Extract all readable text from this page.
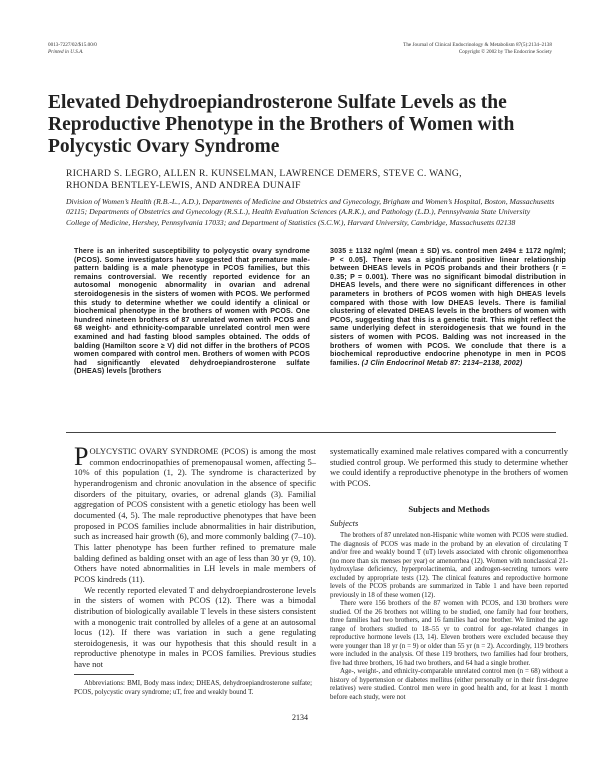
0013-7227/02/$15.00/0
Printed in U.S.A.
The Journal of Clinical Endocrinology & Metabolism 87(5):2134–2138
Copyright © 2002 by The Endocrine Society
Elevated Dehydroepiandrosterone Sulfate Levels as the Reproductive Phenotype in the Brothers of Women with Polycystic Ovary Syndrome
RICHARD S. LEGRO, ALLEN R. KUNSELMAN, LAWRENCE DEMERS, STEVE C. WANG,
RHONDA BENTLEY-LEWIS, AND ANDREA DUNAIF
Division of Women’s Health (R.B.-L., A.D.), Departments of Medicine and Obstetrics and Gynecology, Brigham and Women’s Hospital, Boston, Massachusetts 02115; Departments of Obstetrics and Gynecology (R.S.L.), Health Evaluation Sciences (A.R.K.), and Pathology (L.D.), Pennsylvania State University College of Medicine, Hershey, Pennsylvania 17033; and Department of Statistics (S.C.W.), Harvard University, Cambridge, Massachusetts 02138
There is an inherited susceptibility to polycystic ovary syndrome (PCOS). Some investigators have suggested that premature male-pattern balding is a male phenotype in PCOS families, but this remains controversial. We recently reported evidence for an autosomal monogenic abnormality in ovarian and adrenal steroidogenesis in the sisters of women with PCOS. We performed this study to determine whether we could identify a clinical or biochemical phenotype in the brothers of women with PCOS. One hundred nineteen brothers of 87 unrelated women with PCOS and 68 weight- and ethnicity-comparable unrelated control men were examined and had fasting blood samples obtained. The odds of balding (Hamilton score ≥ V) did not differ in the brothers of PCOS women compared with control men. Brothers of women with PCOS had significantly elevated dehydroepiandrosterone sulfate (DHEAS) levels [brothers
3035 ± 1132 ng/ml (mean ± SD) vs. control men 2494 ± 1172 ng/ml; P < 0.05]. There was a significant positive linear relationship between DHEAS levels in PCOS probands and their brothers (r = 0.35; P = 0.001). There was no significant bimodal distribution in DHEAS levels, and there were no significant differences in other parameters in brothers of PCOS women with high DHEAS levels compared with those with low DHEAS levels. There is familial clustering of elevated DHEAS levels in the brothers of women with PCOS, suggesting that this is a genetic trait. This might reflect the same underlying defect in steroidogenesis that we found in the sisters of women with PCOS. Balding was not increased in the brothers of women with PCOS. We conclude that there is a biochemical reproductive endocrine phenotype in men in PCOS families. (J Clin Endocrinol Metab 87: 2134–2138, 2002)

POLYCYSTIC OVARY SYNDROME (PCOS) is among the most common endocrinopathies of premenopausal women, affecting 5–10% of this population (1, 2). The syndrome is characterized by hyperandrogenism and chronic anovulation in the absence of specific disorders of the pituitary, ovaries, or adrenal glands (3). Familial aggregation of PCOS consistent with a genetic etiology has been well documented (4, 5). The male reproductive phenotypes that have been proposed in PCOS families include abnormalities in hair distribution, such as increased hair growth (6), and more commonly balding (7–10). This latter phenotype has been further refined to premature male balding defined as balding onset with an age of less than 30 yr (9, 10). Others have noted abnormalities in LH levels in male members of PCOS kindreds (11).

We recently reported elevated T and dehydroepiandrosterone levels in the sisters of women with PCOS (12). There was a bimodal distribution of biologically available T levels in these sisters consistent with a monogenic trait controlled by alleles of a gene at an autosomal locus (12). If there was variation in such a gene regulating steroidogenesis, it was our hypothesis that this should result in a reproductive phenotype in males in PCOS families. Previous studies have not

systematically examined male relatives compared with a concurrently studied control group. We performed this study to determine whether we could identify a reproductive phenotype in the brothers of women with PCOS.
Subjects and Methods
Subjects

The brothers of 87 unrelated non-Hispanic white women with PCOS were studied. The diagnosis of PCOS was made in the proband by an elevation of circulating T and/or free and weakly bound T (uT) levels associated with chronic oligomenorrhea (no more than six menses per year) or amenorrhea (12). Women with nonclassical 21-hydroxylase deficiency, hyperprolactinemia, and androgen-secreting tumors were excluded by appropriate tests (12). The clinical features and reproductive hormone levels of the PCOS probands are summarized in Table 1 and have been reported previously in 18 of these women (12).

There were 156 brothers of the 87 women with PCOS, and 130 brothers were studied. Of the 26 brothers not willing to be studied, one family had four brothers, three families had two brothers, and 16 families had one brother. We limited the age range of brothers studied to 18–55 yr to control for age-related changes in reproductive hormone levels (13, 14). Eleven brothers were excluded because they were younger than 18 yr (n = 9) or older than 55 yr (n = 2). Accordingly, 119 brothers were included in the analysis. Of these 119 brothers, two families had four brothers, five had three brothers, 16 had two brothers, and 64 had a single brother.

Age-, weight-, and ethnicity-comparable unrelated control men (n = 68) without a history of hypertension or diabetes mellitus (either personally or in their first-degree relatives) were studied. Control men were in good health and, for at least 1 month before each study, were not

Abbreviations: BMI, Body mass index; DHEAS, dehydroepiandrosterone sulfate; PCOS, polycystic ovary syndrome; uT, free and weakly bound T.
2134
